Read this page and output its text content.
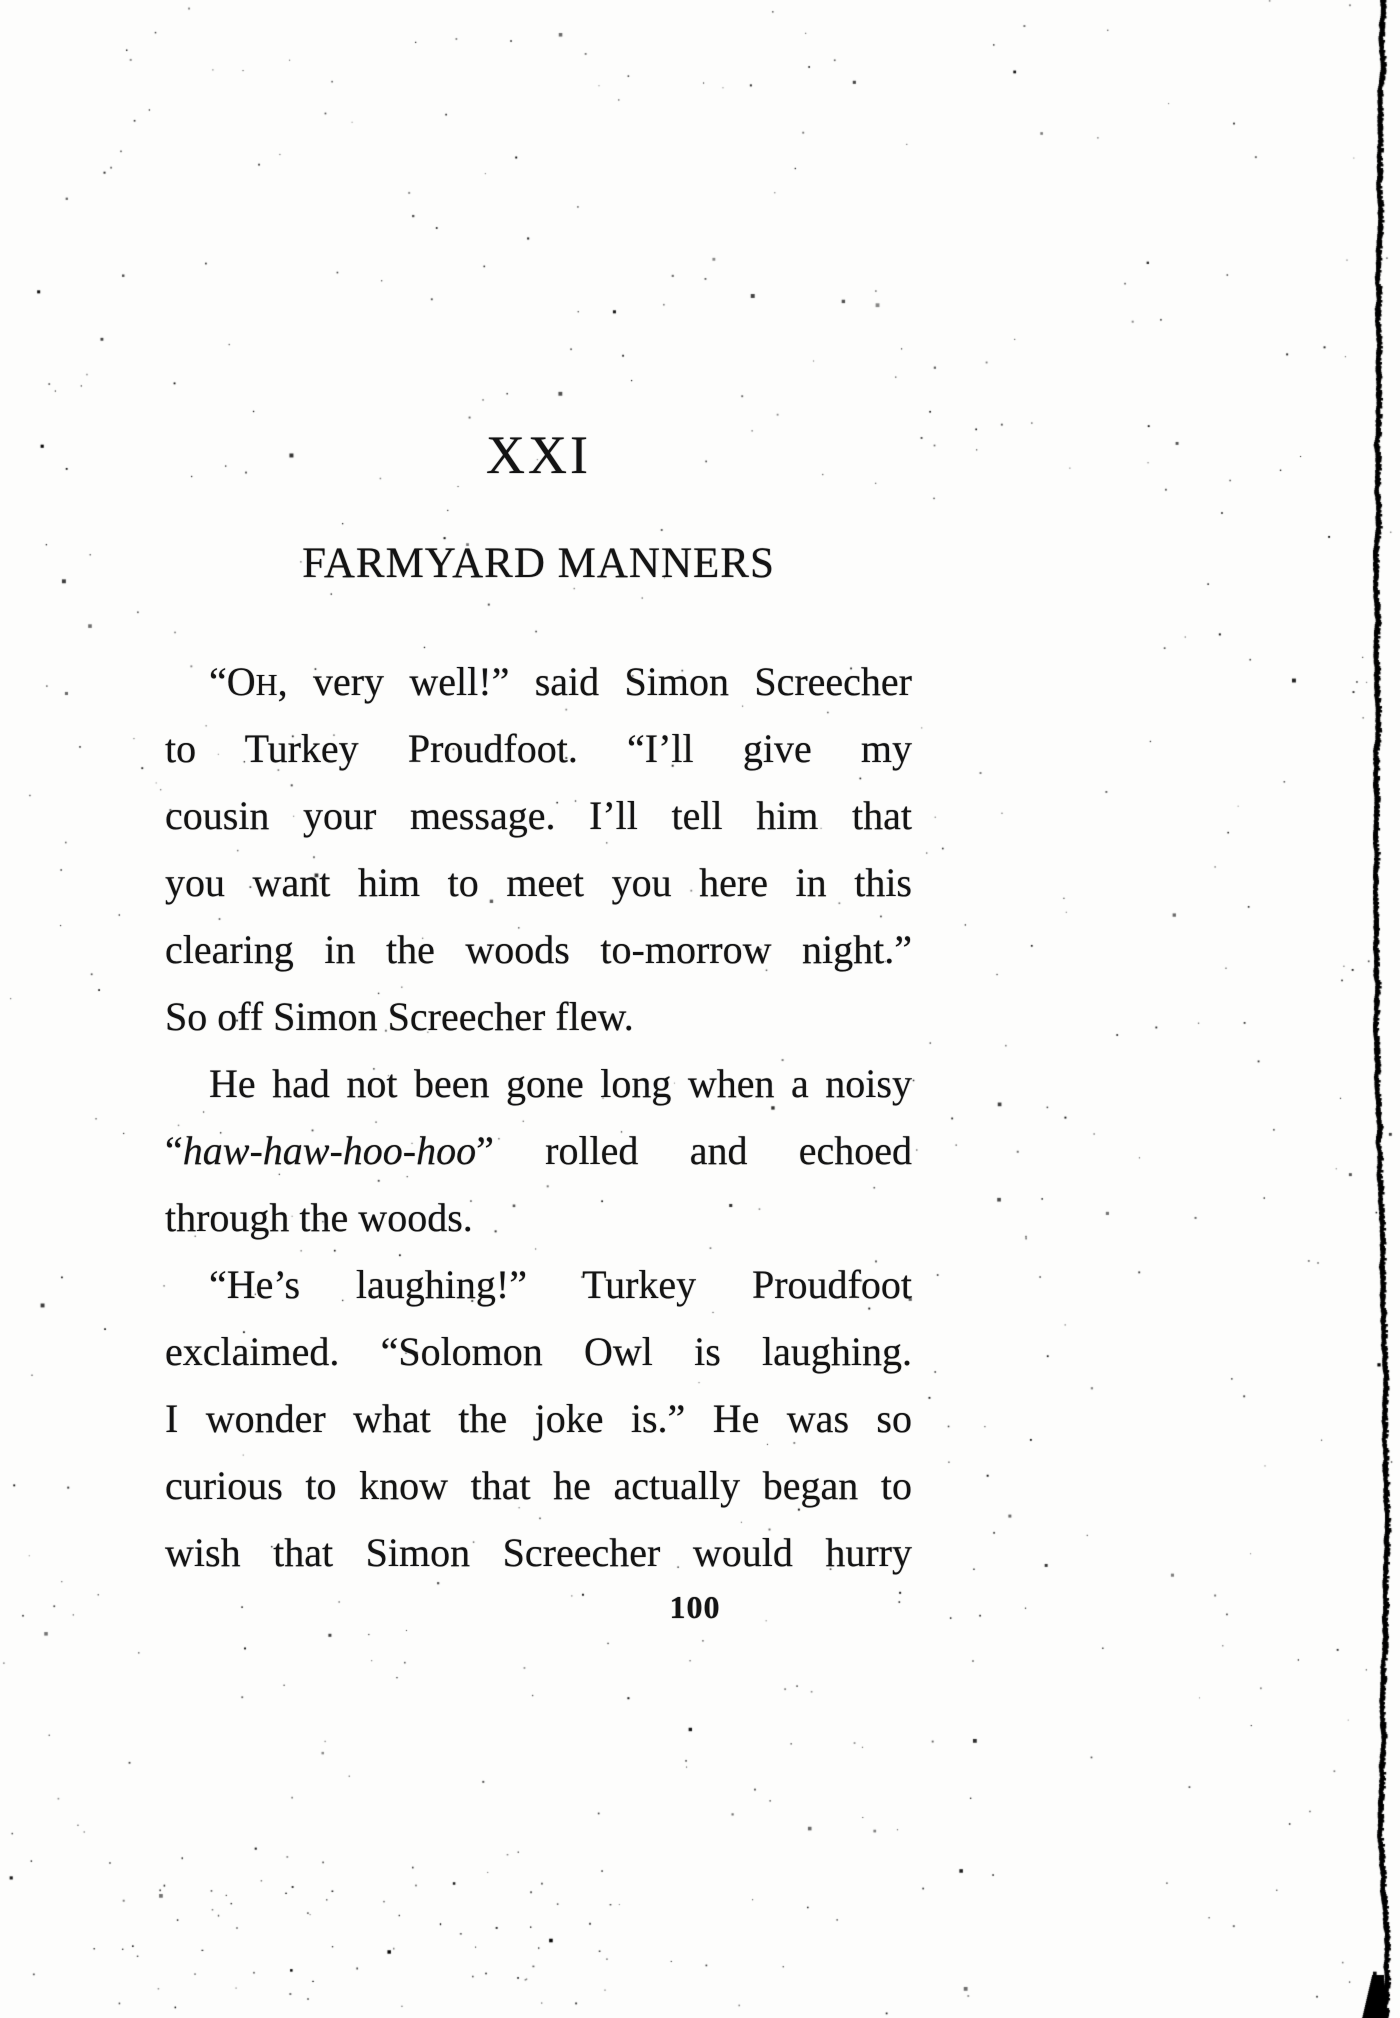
XXI
FARMYARD MANNERS
“OH, very well!” said Simon Screecher
to Turkey Proudfoot. “I’ll give my
cousin your message. I’ll tell him that
you want him to meet you here in this
clearing in the woods to-morrow night.”
So off Simon Screecher flew.
He had not been gone long when a noisy
“haw-haw-hoo-hoo” rolled and echoed
through the woods.
“He’s laughing!” Turkey Proudfoot
exclaimed. “Solomon Owl is laughing.
I wonder what the joke is.” He was so
curious to know that he actually began to
wish that Simon Screecher would hurry
100
